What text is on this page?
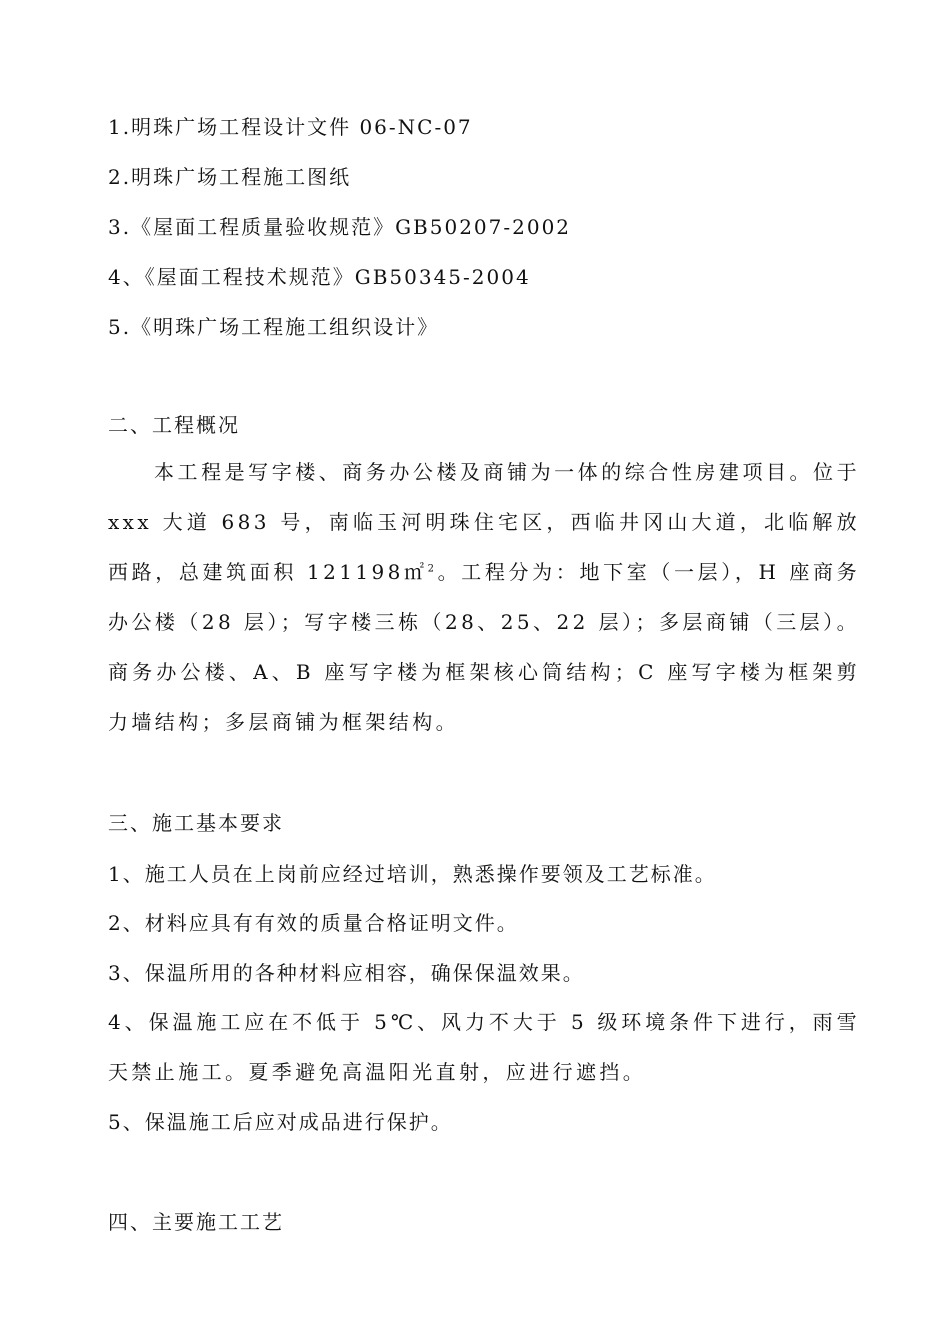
1.明珠广场工程设计文件 06-NC-07
2.明珠广场工程施工图纸
3.《屋面工程质量验收规范》GB50207-2002
4、《屋面工程技术规范》GB50345-2004
5.《明珠广场工程施工组织设计》
二、工程概况
本工程是写字楼、商务办公楼及商铺为一体的综合性房建项目。位于xxx 大道 683 号，南临玉河明珠住宅区，西临井冈山大道，北临解放西路，总建筑面积 121198㎡$^2$。工程分为：地下室（一层），H 座商务办公楼（28 层）；写字楼三栋（28、25、22 层）；多层商铺（三层）。商务办公楼、A、B 座写字楼为框架核心筒结构；C 座写字楼为框架剪力墙结构；多层商铺为框架结构。
三、施工基本要求
1、施工人员在上岗前应经过培训，熟悉操作要领及工艺标准。
2、材料应具有有效的质量合格证明文件。
3、保温所用的各种材料应相容，确保保温效果。
4、保温施工应在不低于 5℃、风力不大于 5 级环境条件下进行，雨雪天禁止施工。夏季避免高温阳光直射，应进行遮挡。
5、保温施工后应对成品进行保护。
四、主要施工工艺
